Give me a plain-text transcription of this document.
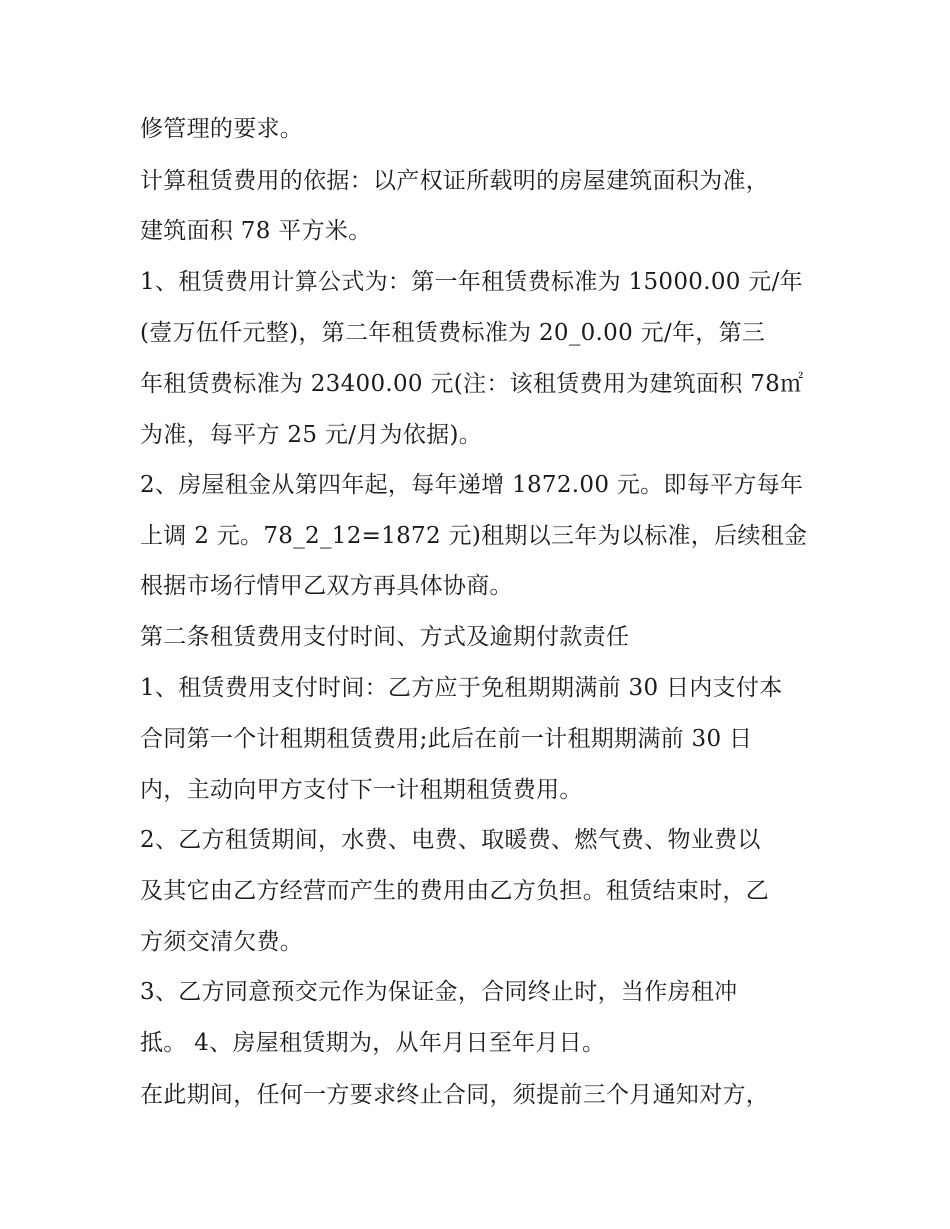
修管理的要求。

计算租赁费用的依据：以产权证所载明的房屋建筑面积为准，

建筑面积 78 平方米。

1、租赁费用计算公式为：第一年租赁费标准为 15000.00 元/年

(壹万伍仟元整)，第二年租赁费标准为 20_0.00 元/年，第三

年租赁费标准为 23400.00 元(注：该租赁费用为建筑面积 78㎡

为准，每平方 25 元/月为依据)。

2、房屋租金从第四年起，每年递增 1872.00 元。即每平方每年

上调 2 元。78_2_12=1872 元)租期以三年为以标准，后续租金

根据市场行情甲乙双方再具体协商。

第二条租赁费用支付时间、方式及逾期付款责任

1、租赁费用支付时间：乙方应于免租期期满前 30 日内支付本

合同第一个计租期租赁费用;此后在前一计租期期满前 30 日

内，主动向甲方支付下一计租期租赁费用。

2、乙方租赁期间，水费、电费、取暖费、燃气费、物业费以

及其它由乙方经营而产生的费用由乙方负担。租赁结束时，乙

方须交清欠费。

3、乙方同意预交元作为保证金，合同终止时，当作房租冲

抵。 4、房屋租赁期为，从年月日至年月日。

在此期间，任何一方要求终止合同，须提前三个月通知对方，
